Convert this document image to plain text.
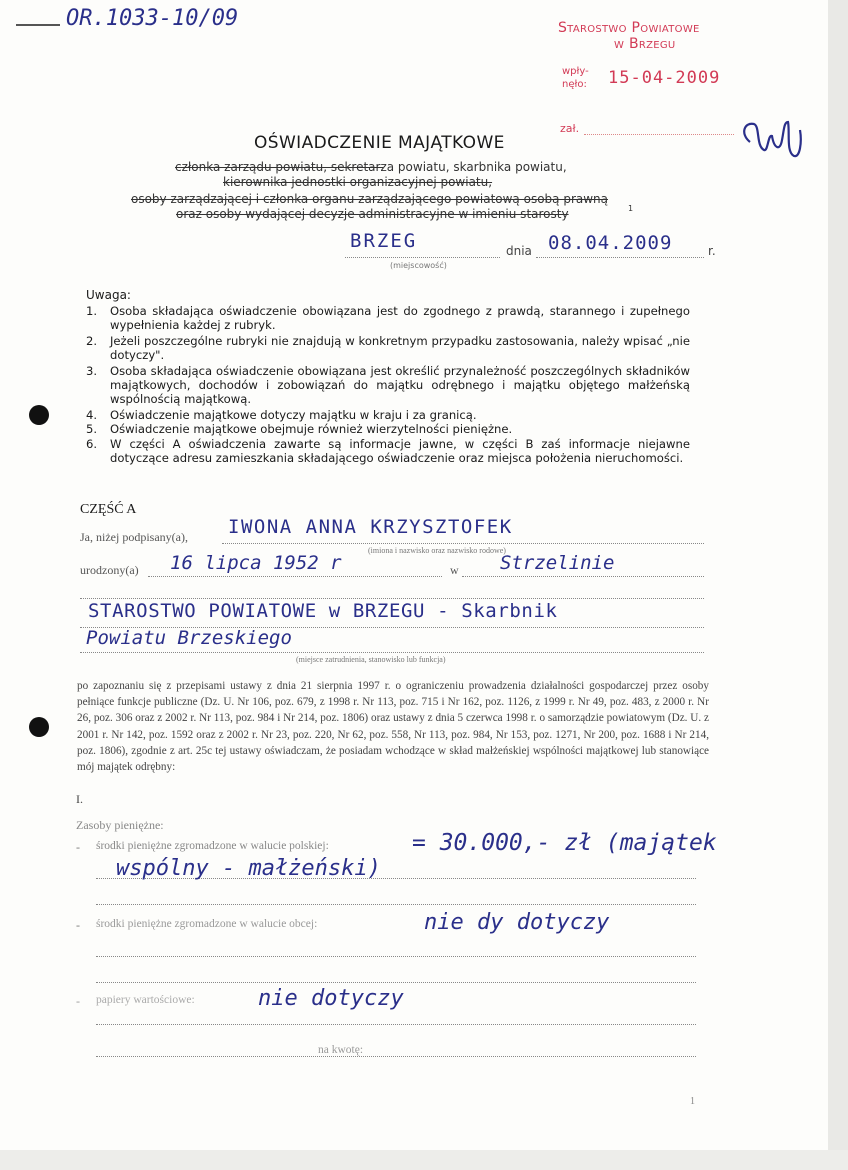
OR.1033-10/09	Starostwo Powiatowe
w Brzegu
wpły-
nęło: 15-04-2009
zał.
OŚWIADCZENIE MAJĄTKOWE
członka zarządu powiatu, sekretarza powiatu, skarbnika powiatu,
kierownika jednostki organizacyjnej powiatu,
osoby zarządzającej i członka organu zarządzającego powiatową osobą prawną
oraz osoby wydającej decyzje administracyjne w imieniu starosty	1
BRZEG
(miejscowość)
dnia 08.04.2009	r.
Uwaga:
1.	Osoba składająca oświadczenie obowiązana jest do zgodnego z prawdą, starannego i zupełnego wypełnienia każdej z rubryk.
2.	Jeżeli poszczególne rubryki nie znajdują w konkretnym przypadku zastosowania, należy wpisać „nie dotyczy".
3.	Osoba składająca oświadczenie obowiązana jest określić przynależność poszczególnych składników majątkowych, dochodów i zobowiązań do majątku odrębnego i majątku objętego małżeńską wspólnością majątkową.
4.	Oświadczenie majątkowe dotyczy majątku w kraju i za granicą.
5.	Oświadczenie majątkowe obejmuje również wierzytelności pieniężne.
6.	W części A oświadczenia zawarte są informacje jawne, w części B zaś informacje niejawne dotyczące adresu zamieszkania składającego oświadczenie oraz miejsca położenia nieruchomości.
CZĘŚĆ A
Ja, niżej podpisany(a), IWONA ANNA KRZYSZTOFEK
(imiona i nazwisko oraz nazwisko rodowe)
urodzony(a) 16 lipca 1952 r	w Strzelinie
STAROSTWO POWIATOWE w BRZEGU - Skarbnik
Powiatu Brzeskiego
(miejsce zatrudnienia, stanowisko lub funkcja)
po zapoznaniu się z przepisami ustawy z dnia 21 sierpnia 1997 r. o ograniczeniu prowadzenia działalności gospodarczej przez osoby pełniące funkcje publiczne (Dz. U. Nr 106, poz. 679, z 1998 r. Nr 113, poz. 715 i Nr 162, poz. 1126, z 1999 r. Nr 49, poz. 483, z 2000 r. Nr 26, poz. 306 oraz z 2002 r. Nr 113, poz. 984 i Nr 214, poz. 1806) oraz ustawy z dnia 5 czerwca 1998 r. o samorządzie powiatowym (Dz. U. z 2001 r. Nr 142, poz. 1592 oraz z 2002 r. Nr 23, poz. 220, Nr 62, poz. 558, Nr 113, poz. 984, Nr 153, poz. 1271, Nr 200, poz. 1688 i Nr 214, poz. 1806), zgodnie z art. 25c tej ustawy oświadczam, że posiadam wchodzące w skład małżeńskiej wspólności majątkowej lub stanowiące mój majątek odrębny:
I.
Zasoby pieniężne:
- środki pieniężne zgromadzone w walucie polskiej:	= 30.000,- zł (majątek
wspólny - małżeński)
- środki pieniężne zgromadzone w walucie obcej:	nie dy dotyczy
- papiery wartościowe:	nie dotyczy
na kwotę:
1
